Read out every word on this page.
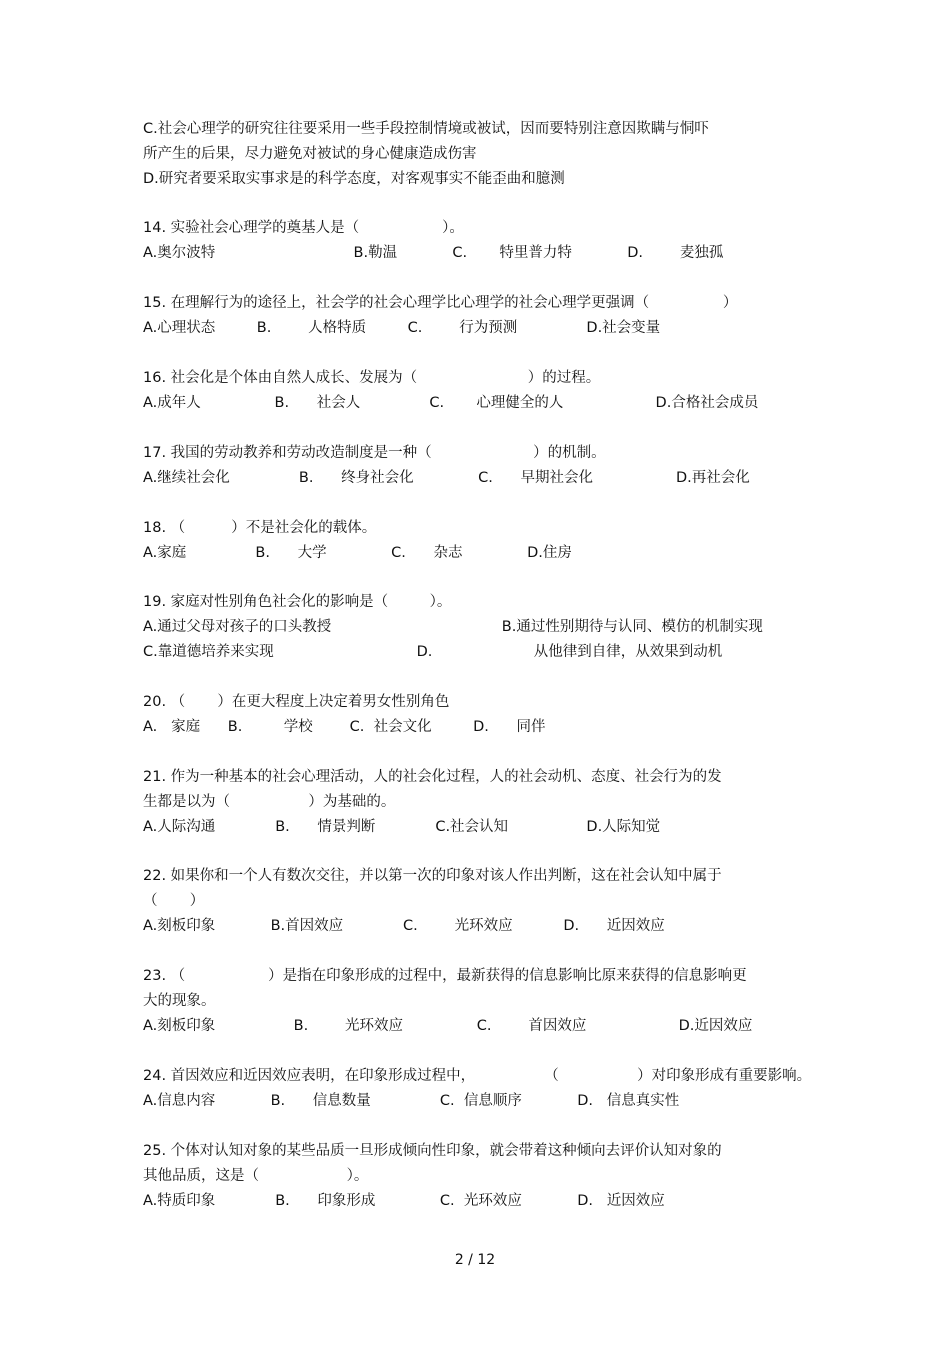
C.社会心理学的研究往往要采用一些手段控制情境或被试，因而要特别注意因欺瞒与恫吓
所产生的后果，尽力避免对被试的身心健康造成伤害
D.研究者要采取实事求是的科学态度，对客观事实不能歪曲和臆测
14. 实验社会心理学的奠基人是（                  ）。
A.奥尔波特                              B.勒温            C.       特里普力特            D.        麦独孤
15. 在理解行为的途径上，社会学的社会心理学比心理学的社会心理学更强调（                ）
A.心理状态         B.        人格特质         C.        行为预测               D.社会变量
16. 社会化是个体由自然人成长、发展为（                        ）的过程。
A.成年人                B.      社会人               C.       心理健全的人                    D.合格社会成员
17. 我国的劳动教养和劳动改造制度是一种（                      ）的机制。
A.继续社会化               B.      终身社会化              C.      早期社会化                  D.再社会化
18. （          ）不是社会化的载体。
A.家庭               B.      大学              C.      杂志              D.住房
19. 家庭对性别角色社会化的影响是（         ）。
A.通过父母对孩子的口头教授                                     B.通过性别期待与认同、模仿的机制实现
C.靠道德培养来实现                               D.                      从他律到自律，从效果到动机
20. （       ）在更大程度上决定着男女性别角色
A.   家庭      B.         学校        C.  社会文化         D.      同伴
21. 作为一种基本的社会心理活动，人的社会化过程，人的社会动机、态度、社会行为的发
生都是以为（                 ）为基础的。
A.人际沟通             B.      情景判断             C.社会认知                 D.人际知觉
22. 如果你和一个人有数次交往，并以第一次的印象对该人作出判断，这在社会认知中属于
（       ）
A.刻板印象            B.首因效应             C.        光环效应           D.      近因效应
23. （                  ）是指在印象形成的过程中，最新获得的信息影响比原来获得的信息影响更
大的现象。
A.刻板印象                 B.        光环效应                C.        首因效应                    D.近因效应
24. 首因效应和近因效应表明，在印象形成过程中，               （                 ）对印象形成有重要影响。
A.信息内容            B.      信息数量               C.  信息顺序            D.   信息真实性
25. 个体对认知对象的某些品质一旦形成倾向性印象，就会带着这种倾向去评价认知对象的
其他品质，这是（                   ）。
A.特质印象             B.      印象形成              C.  光环效应            D.   近因效应
2 / 12
